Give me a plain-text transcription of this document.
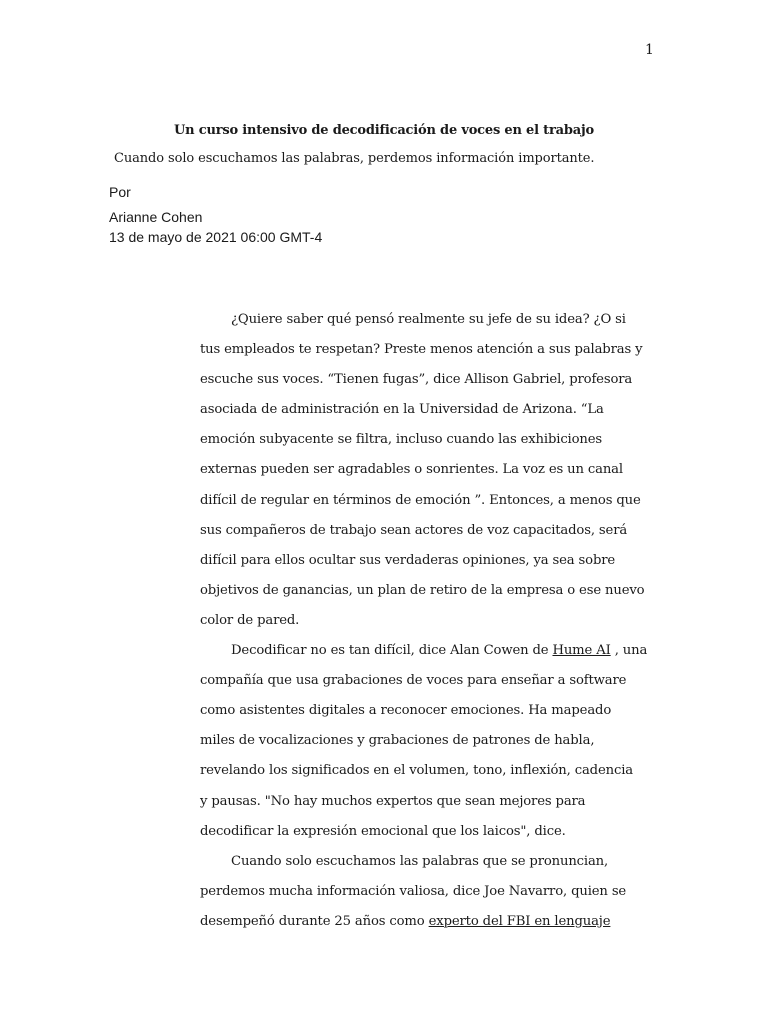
1
Un curso intensivo de decodificación de voces en el trabajo
Cuando solo escuchamos las palabras, perdemos información importante.
Por
Arianne Cohen
13 de mayo de 2021 06:00 GMT-4

¿Quiere saber qué pensó realmente su jefe de su idea? ¿O si
tus empleados te respetan? Preste menos atención a sus palabras y
escuche sus voces. “Tienen fugas”, dice Allison Gabriel, profesora
asociada de administración en la Universidad de Arizona. “La
emoción subyacente se filtra, incluso cuando las exhibiciones
externas pueden ser agradables o sonrientes. La voz es un canal
difícil de regular en términos de emoción ”. Entonces, a menos que
sus compañeros de trabajo sean actores de voz capacitados, será
difícil para ellos ocultar sus verdaderas opiniones, ya sea sobre
objetivos de ganancias, un plan de retiro de la empresa o ese nuevo
color de pared.

Decodificar no es tan difícil, dice Alan Cowen de Hume AI , una
compañía que usa grabaciones de voces para enseñar a software
como asistentes digitales a reconocer emociones. Ha mapeado
miles de vocalizaciones y grabaciones de patrones de habla,
revelando los significados en el volumen, tono, inflexión, cadencia
y pausas. "No hay muchos expertos que sean mejores para
decodificar la expresión emocional que los laicos", dice.

Cuando solo escuchamos las palabras que se pronuncian,
perdemos mucha información valiosa, dice Joe Navarro, quien se
desempeñó durante 25 años como experto del FBI en lenguaje
